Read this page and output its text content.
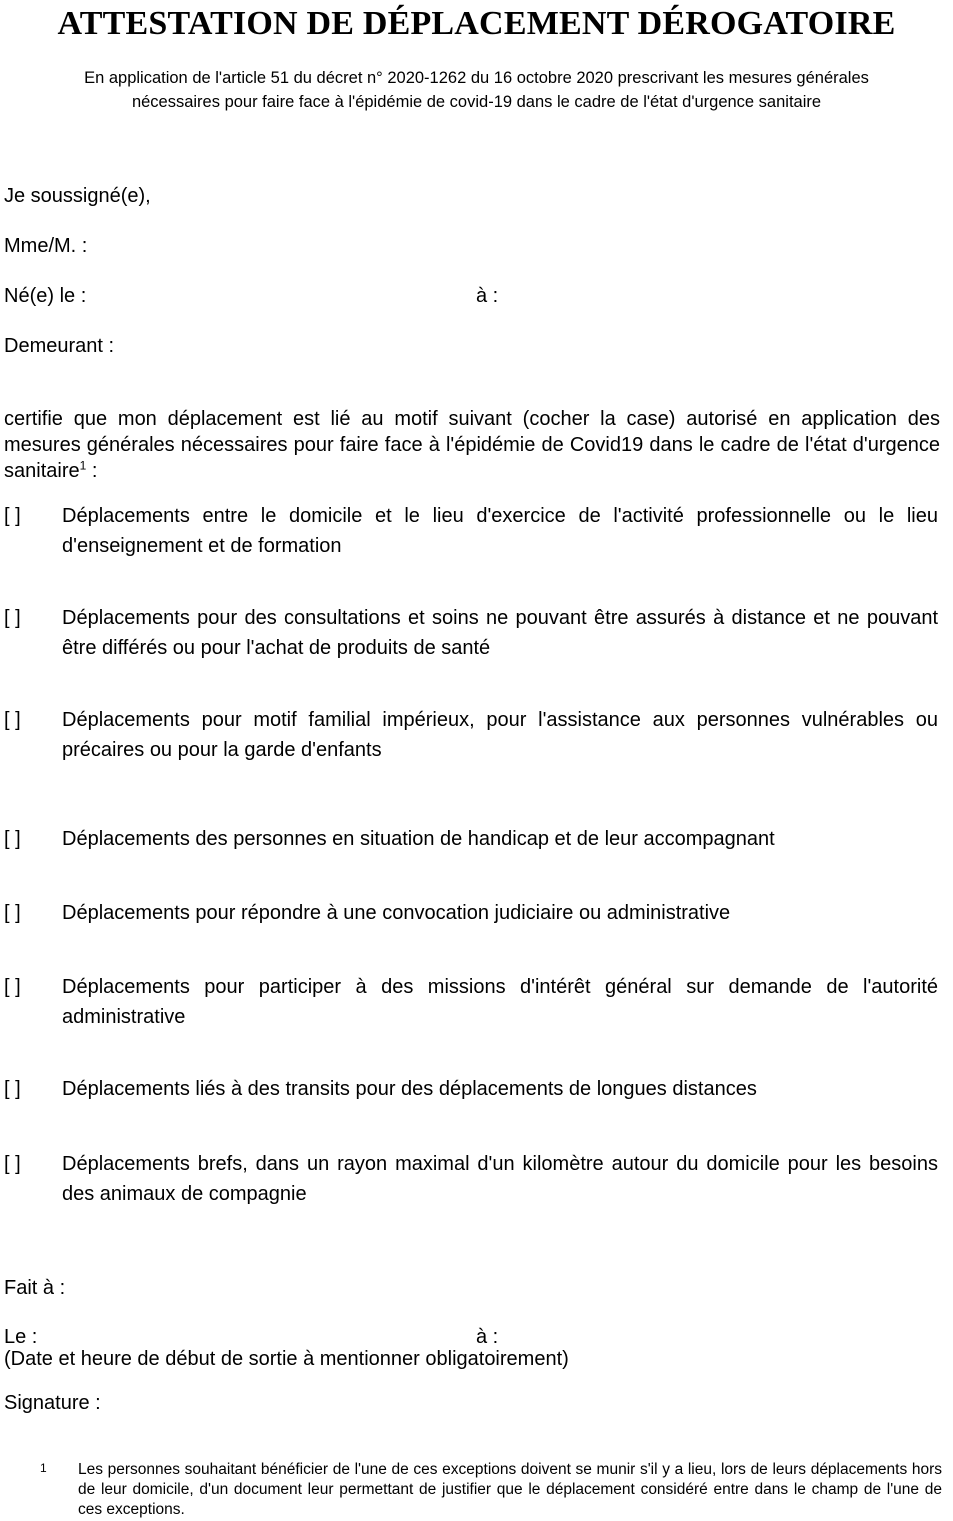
ATTESTATION DE DÉPLACEMENT DÉROGATOIRE
En application de l'article 51 du décret n° 2020-1262 du 16 octobre 2020 prescrivant les mesures générales
nécessaires pour faire face à l'épidémie de covid-19 dans le cadre de l'état d'urgence sanitaire
Je soussigné(e),
Mme/M. :
Né(e) le :	à :
Demeurant :
certifie que mon déplacement est lié au motif suivant (cocher la case) autorisé en application des mesures générales nécessaires pour faire face à l'épidémie de Covid19 dans le cadre de l'état d'urgence sanitaire$^1$ :
[ ]	Déplacements entre le domicile et le lieu d'exercice de l'activité professionnelle ou le lieu d'enseignement et de formation
[ ]	Déplacements pour des consultations et soins ne pouvant être assurés à distance et ne pouvant être différés ou pour l'achat de produits de santé
[ ]	Déplacements pour motif familial impérieux, pour l'assistance aux personnes vulnérables ou précaires ou pour la garde d'enfants
[ ]	Déplacements des personnes en situation de handicap et de leur accompagnant
[ ]	Déplacements pour répondre à une convocation judiciaire ou administrative
[ ]	Déplacements pour participer à des missions d'intérêt général sur demande de l'autorité administrative
[ ]	Déplacements liés à des transits pour des déplacements de longues distances
[ ]	Déplacements brefs, dans un rayon maximal d'un kilomètre autour du domicile pour les besoins des animaux de compagnie
Fait à :
Le :	à :
(Date et heure de début de sortie à mentionner obligatoirement)
Signature :
1 Les personnes souhaitant bénéficier de l'une de ces exceptions doivent se munir s'il y a lieu, lors de leurs déplacements hors de leur domicile, d'un document leur permettant de justifier que le déplacement considéré entre dans le champ de l'une de ces exceptions.
